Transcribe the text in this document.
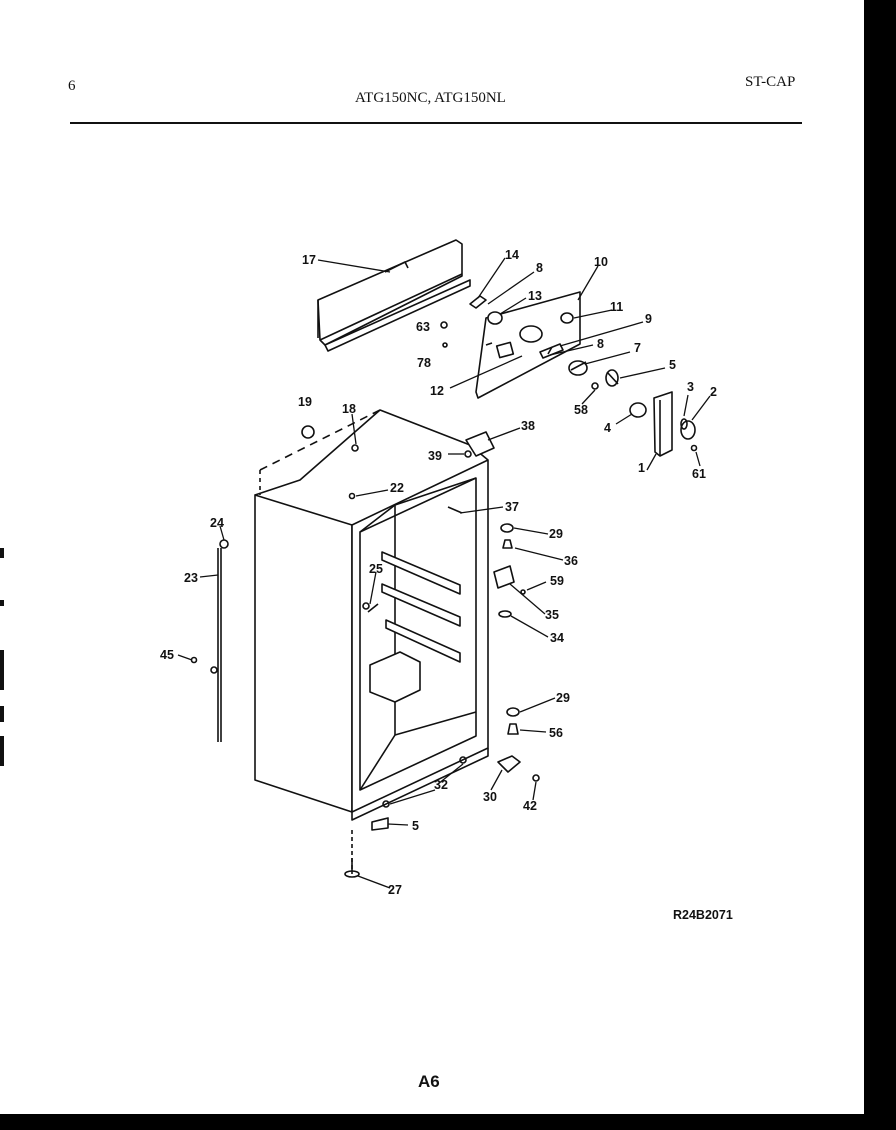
6
ATG150NC, ATG150NL
ST-CAP
17	14
8
13
10
11
9
63
78
8 7
12
5
58
3 2
4
1	61
19 18
38
39
22
37
24
29
36
23
25
59
35
34
45
29
56
32
30
42
5
27
R24B2071
A6
